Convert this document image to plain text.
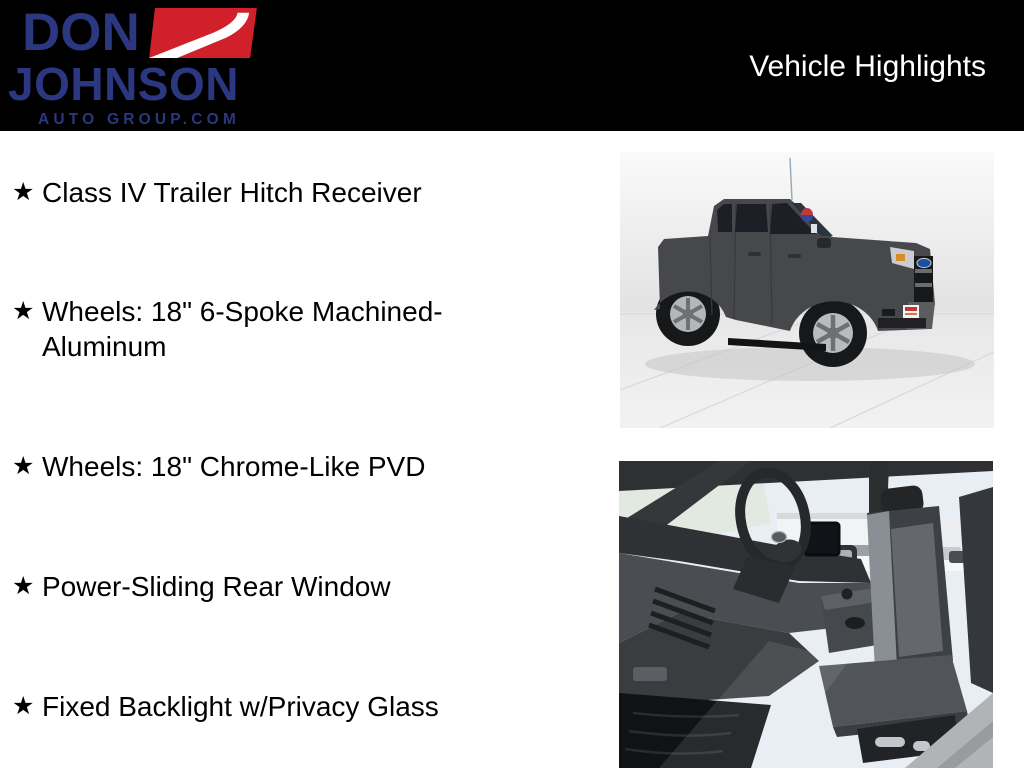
DON
JOHNSON
AUTO GROUP.COM
Vehicle Highlights
★ Class IV Trailer Hitch Receiver
★ Wheels: 18" 6-Spoke Machined-Aluminum
★ Wheels: 18" Chrome-Like PVD
★ Power-Sliding Rear Window
★ Fixed Backlight w/Privacy Glass
